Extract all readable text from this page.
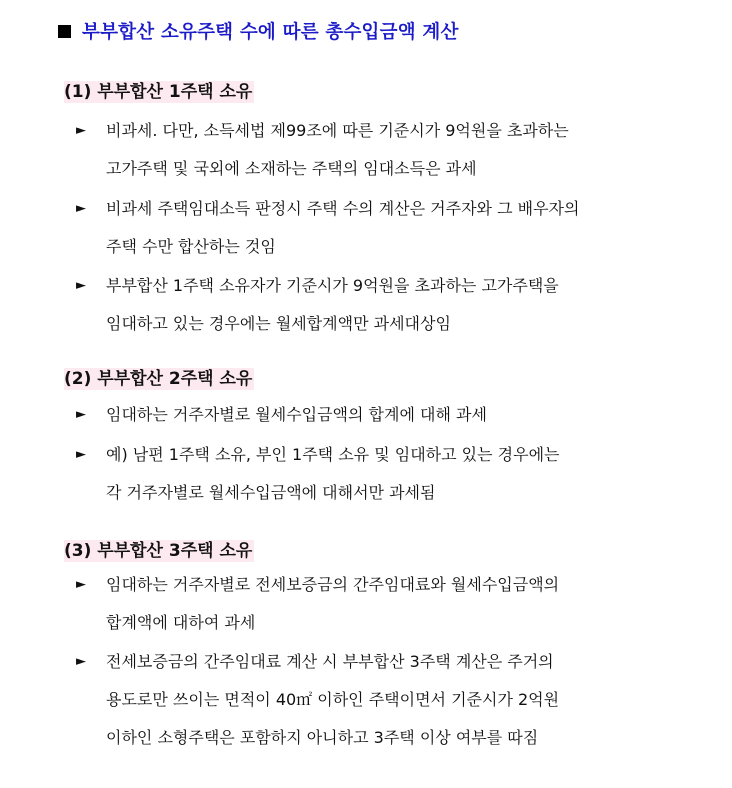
부부합산 소유주택 수에 따른 총수입금액 계산
(1) 부부합산 1주택 소유
►	비과세. 다만, 소득세법 제99조에 따른 기준시가 9억원을 초과하는
고가주택 및 국외에 소재하는 주택의 임대소득은 과세
►	비과세 주택임대소득 판정시 주택 수의 계산은 거주자와 그 배우자의
주택 수만 합산하는 것임
►	부부합산 1주택 소유자가 기준시가 9억원을 초과하는 고가주택을
임대하고 있는 경우에는 월세합계액만 과세대상임
(2) 부부합산 2주택 소유
►	임대하는 거주자별로 월세수입금액의 합계에 대해 과세
►	예) 남편 1주택 소유, 부인 1주택 소유 및 임대하고 있는 경우에는
각 거주자별로 월세수입금액에 대해서만 과세됨
(3) 부부합산 3주택 소유
►	임대하는 거주자별로 전세보증금의 간주임대료와 월세수입금액의
합계액에 대하여 과세
►	전세보증금의 간주임대료 계산 시 부부합산 3주택 계산은 주거의
용도로만 쓰이는 면적이 40㎡ 이하인 주택이면서 기준시가 2억원
이하인 소형주택은 포함하지 아니하고 3주택 이상 여부를 따짐
